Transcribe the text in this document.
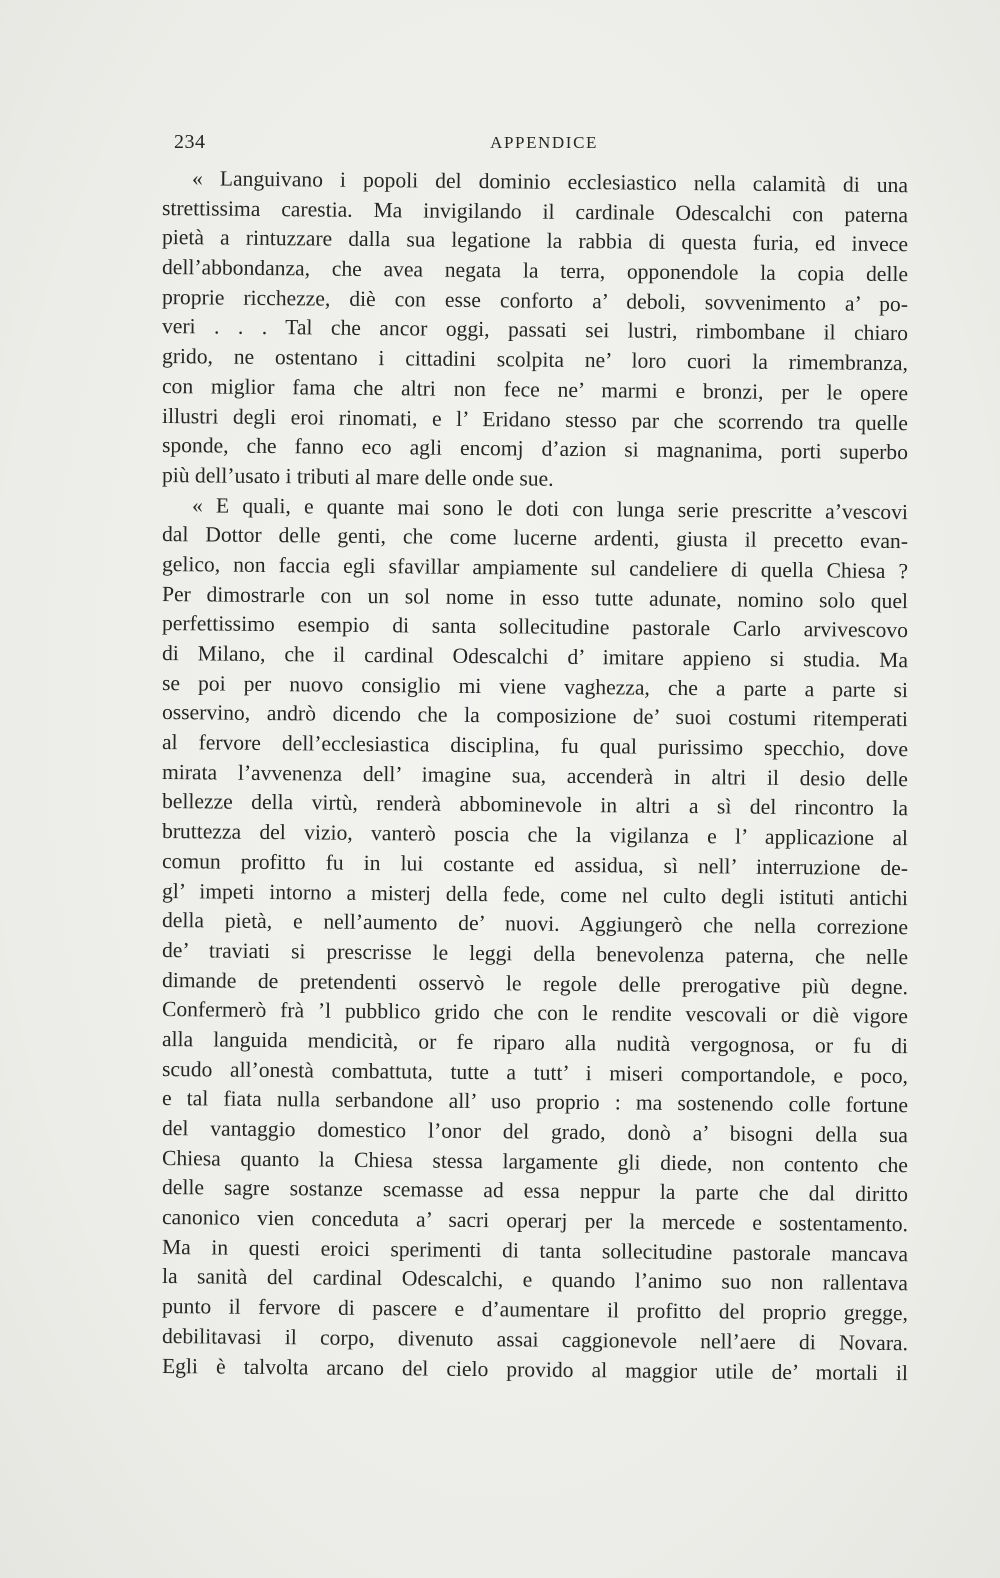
234	APPENDICE
« Languivano i popoli del dominio ecclesiastico nella calamità di una
strettissima carestia. Ma invigilando il cardinale Odescalchi con paterna
pietà a rintuzzare dalla sua legatione la rabbia di questa furia, ed invece
dell’abbondanza, che avea negata la terra, opponendole la copia delle
proprie ricchezze, diè con esse conforto a’ deboli, sovvenimento a’ po-
veri . . . Tal che ancor oggi, passati sei lustri, rimbombane il chiaro
grido, ne ostentano i cittadini scolpita ne’ loro cuori la rimembranza,
con miglior fama che altri non fece ne’ marmi e bronzi, per le opere
illustri degli eroi rinomati, e l’ Eridano stesso par che scorrendo tra quelle
sponde, che fanno eco agli encomj d’azion si magnanima, porti superbo
più dell’usato i tributi al mare delle onde sue.
« E quali, e quante mai sono le doti con lunga serie prescritte a’vescovi
dal Dottor delle genti, che come lucerne ardenti, giusta il precetto evan-
gelico, non faccia egli sfavillar ampiamente sul candeliere di quella Chiesa ?
Per dimostrarle con un sol nome in esso tutte adunate, nomino solo quel
perfettissimo esempio di santa sollecitudine pastorale Carlo arvivescovo
di Milano, che il cardinal Odescalchi d’ imitare appieno si studia. Ma
se poi per nuovo consiglio mi viene vaghezza, che a parte a parte si
osservino, andrò dicendo che la composizione de’ suoi costumi ritemperati
al fervore dell’ecclesiastica disciplina, fu qual purissimo specchio, dove
mirata l’avvenenza dell’ imagine sua, accenderà in altri il desio delle
bellezze della virtù, renderà abbominevole in altri a sì del rincontro la
bruttezza del vizio, vanterò poscia che la vigilanza e l’ applicazione al
comun profitto fu in lui costante ed assidua, sì nell’ interruzione de-
gl’ impeti intorno a misterj della fede, come nel culto degli istituti antichi
della pietà, e nell’aumento de’ nuovi. Aggiungerò che nella correzione
de’ traviati si prescrisse le leggi della benevolenza paterna, che nelle
dimande de pretendenti osservò le regole delle prerogative più degne.
Confermerò frà ’l pubblico grido che con le rendite vescovali or diè vigore
alla languida mendicità, or fe riparo alla nudità vergognosa, or fu di
scudo all’onestà combattuta, tutte a tutt’ i miseri comportandole, e poco,
e tal fiata nulla serbandone all’ uso proprio : ma sostenendo colle fortune
del vantaggio domestico l’onor del grado, donò a’ bisogni della sua
Chiesa quanto la Chiesa stessa largamente gli diede, non contento che
delle sagre sostanze scemasse ad essa neppur la parte che dal diritto
canonico vien conceduta a’ sacri operarj per la mercede e sostentamento.
Ma in questi eroici sperimenti di tanta sollecitudine pastorale mancava
la sanità del cardinal Odescalchi, e quando l’animo suo non rallentava
punto il fervore di pascere e d’aumentare il profitto del proprio gregge,
debilitavasi il corpo, divenuto assai caggionevole nell’aere di Novara.
Egli è talvolta arcano del cielo provido al maggior utile de’ mortali il
